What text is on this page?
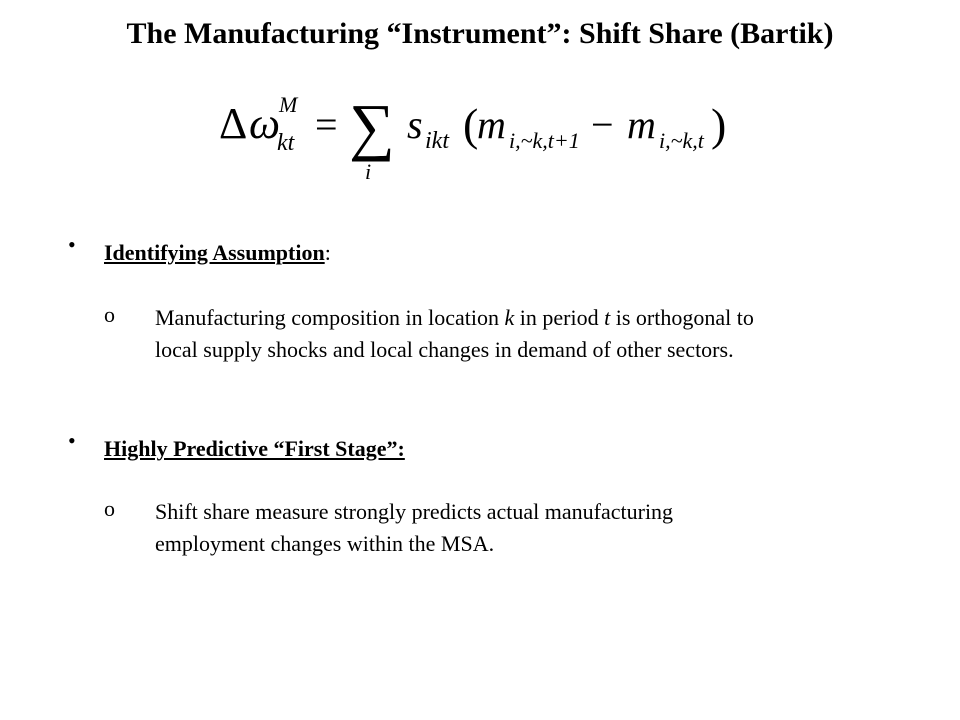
The Manufacturing “Instrument”: Shift Share (Bartik)
Δ ω
M
kt = ∑
i
s ikt (
m i,~k,t+1 − m i,~k,t )
• Identifying Assumption:
o Manufacturing composition in location k in period t is orthogonal to
local supply shocks and local changes in demand of other sectors.
• Highly Predictive “First Stage”:
o Shift share measure strongly predicts actual manufacturing
employment changes within the MSA.
